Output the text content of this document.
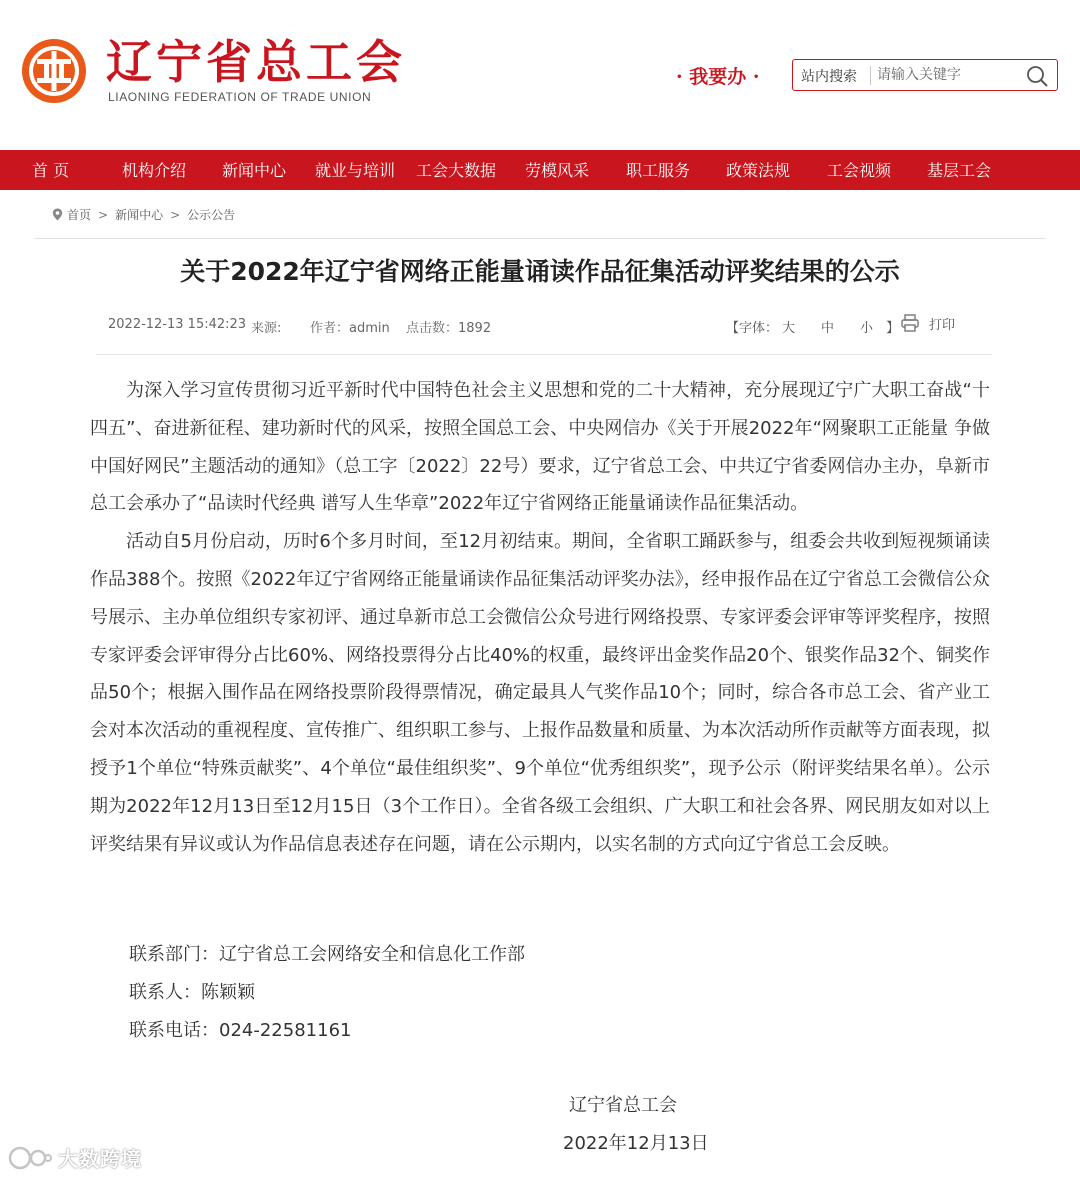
辽宁省总工会
LIAONING FEDERATION OF TRADE UNION
· 我要办 ·	站内搜索
请输入关键字
首 页	机构介绍 新闻中心 就业与培训 工会大数据 劳模风采 职工服务 政策法规 工会视频 基层工会
首页 > 新闻中心 > 公示公告
关于2022年辽宁省网络正能量诵读作品征集活动评奖结果的公示
2022-12-13 15:42:23 来源: 作者：admin 点击数：1892	【字体： 大 中 小 】 打印

为深入学习宣传贯彻习近平新时代中国特色社会主义思想和党的二十大精神，充分展现辽宁广大职工奋战“十四五”、奋进新征程、建功新时代的风采，按照全国总工会、中央网信办《关于开展2022年“网聚职工正能量 争做中国好网民”主题活动的通知》（总工字〔2022〕22号）要求，辽宁省总工会、中共辽宁省委网信办主办，阜新市总工会承办了“品读时代经典 谱写人生华章”2022年辽宁省网络正能量诵读作品征集活动。

活动自5月份启动，历时6个多月时间，至12月初结束。期间，全省职工踊跃参与，组委会共收到短视频诵读作品388个。按照《2022年辽宁省网络正能量诵读作品征集活动评奖办法》，经申报作品在辽宁省总工会微信公众号展示、主办单位组织专家初评、通过阜新市总工会微信公众号进行网络投票、专家评委会评审等评奖程序，按照专家评委会评审得分占比60%、网络投票得分占比40%的权重，最终评出金奖作品20个、银奖作品32个、铜奖作品50个；根据入围作品在网络投票阶段得票情况，确定最具人气奖作品10个；同时，综合各市总工会、省产业工会对本次活动的重视程度、宣传推广、组织职工参与、上报作品数量和质量、为本次活动所作贡献等方面表现，拟授予1个单位“特殊贡献奖”、4个单位“最佳组织奖”、9个单位“优秀组织奖”，现予公示（附评奖结果名单）。公示期为2022年12月13日至12月15日（3个工作日）。全省各级工会组织、广大职工和社会各界、网民朋友如对以上评奖结果有异议或认为作品信息表述存在问题，请在公示期内，以实名制的方式向辽宁省总工会反映。

联系部门：辽宁省总工会网络安全和信息化工作部
联系人：陈颖颖
联系电话：024-22581161
辽宁省总工会
2022年12月13日
大数跨境
